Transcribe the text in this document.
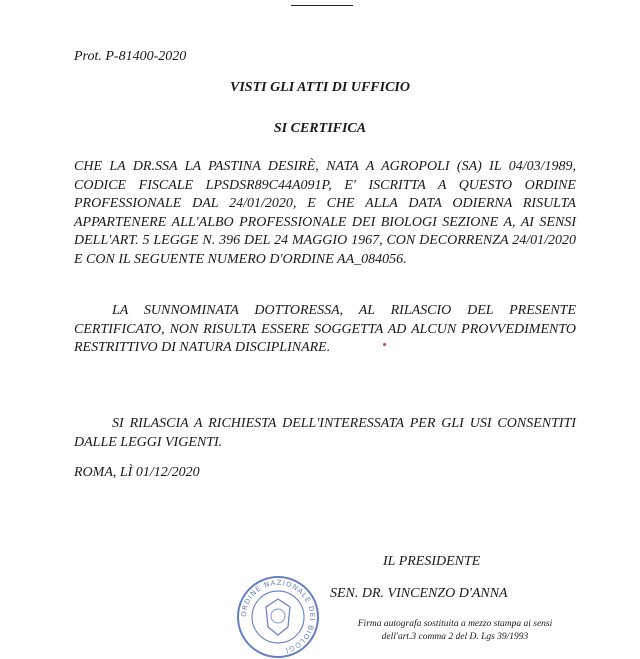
Prot. P-81400-2020
VISTI GLI ATTI DI UFFICIO
SI CERTIFICA
CHE LA DR.SSA LA PASTINA DESIRÈ, NATA A AGROPOLI (SA) IL 04/03/1989, CODICE FISCALE LPSDSR89C44A091P, E' ISCRITTA A QUESTO ORDINE PROFESSIONALE DAL 24/01/2020, E CHE ALLA DATA ODIERNA RISULTA APPARTENERE ALL'ALBO PROFESSIONALE DEI BIOLOGI SEZIONE A, AI SENSI DELL'ART. 5 LEGGE N. 396 DEL 24 MAGGIO 1967, CON DECORRENZA 24/01/2020 E CON IL SEGUENTE NUMERO D'ORDINE AA_084056.
LA SUNNOMINATA DOTTORESSA, AL RILASCIO DEL PRESENTE CERTIFICATO, NON RISULTA ESSERE SOGGETTA AD ALCUN PROVVEDIMENTO RESTRITTIVO DI NATURA DISCIPLINARE.
SI RILASCIA A RICHIESTA DELL'INTERESSATA PER GLI USI CONSENTITI DALLE LEGGI VIGENTI.
ROMA, LÌ 01/12/2020
IL PRESIDENTE
SEN. DR. VINCENZO D'ANNA
Firma autografa sostituita a mezzo stampa ai sensi dell'art.3 comma 2 del D. Lgs 39/1993
ORDINE NAZIONALE DEI BIOLOGI
